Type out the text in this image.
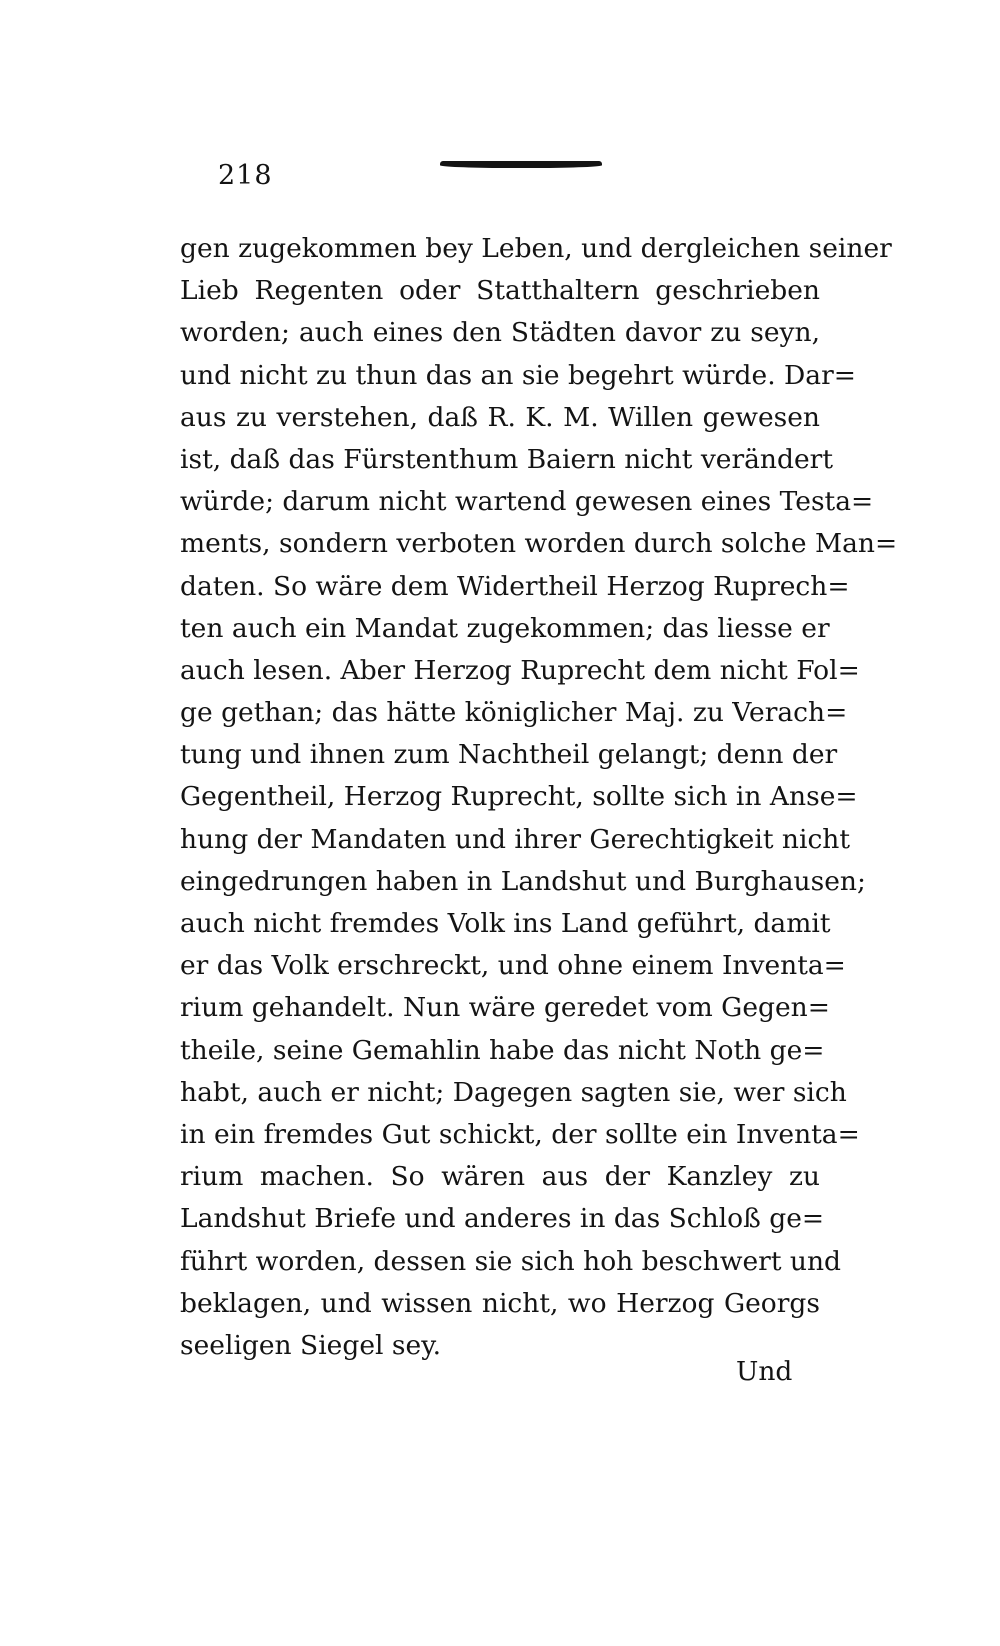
218
gen zugekommen bey Leben, und dergleichen seiner
Lieb Regenten oder Statthaltern geschrieben
worden; auch eines den Städten davor zu seyn,
und nicht zu thun das an sie begehrt würde. Dar=
aus zu verstehen, daß R. K. M. Willen gewesen
ist, daß das Fürstenthum Baiern nicht verändert
würde; darum nicht wartend gewesen eines Testa=
ments, sondern verboten worden durch solche Man=
daten. So wäre dem Widertheil Herzog Ruprech=
ten auch ein Mandat zugekommen; das liesse er
auch lesen. Aber Herzog Ruprecht dem nicht Fol=
ge gethan; das hätte königlicher Maj. zu Verach=
tung und ihnen zum Nachtheil gelangt; denn der
Gegentheil, Herzog Ruprecht, sollte sich in Anse=
hung der Mandaten und ihrer Gerechtigkeit nicht
eingedrungen haben in Landshut und Burghausen;
auch nicht fremdes Volk ins Land geführt, damit
er das Volk erschreckt, und ohne einem Inventa=
rium gehandelt. Nun wäre geredet vom Gegen=
theile, seine Gemahlin habe das nicht Noth ge=
habt, auch er nicht; Dagegen sagten sie, wer sich
in ein fremdes Gut schickt, der sollte ein Inventa=
rium machen. So wären aus der Kanzley zu
Landshut Briefe und anderes in das Schloß ge=
führt worden, dessen sie sich hoh beschwert und
beklagen, und wissen nicht, wo Herzog Georgs
seeligen Siegel sey.
Und
